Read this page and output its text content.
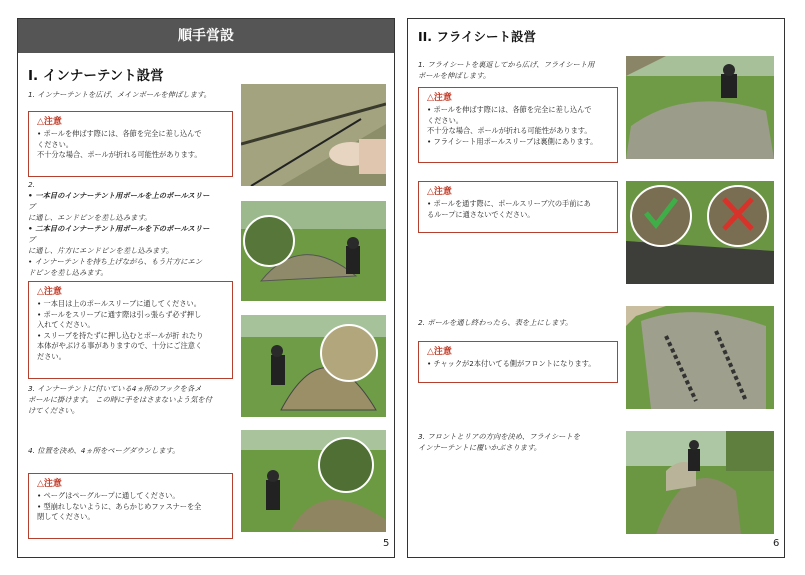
順手営設
I. インナーテント設営
1. インナーテントを広げ、メインポールを伸ばします。
△注意
• ポールを伸ばす際には、各節を完全に差し込んで
ください。
不十分な場合、ポールが折れる可能性があります。
2.
• 一本目のインナーテント用ポールを上のポールスリー
プ
に通し、エンドピンを差し込みます。
• 二本目のインナーテント用ポールを下のポールスリー
プ
に通し、片方にエンドピンを差し込みます。
• インナーテントを持ち上げながら、もう片方にエン
ドピンを差し込みます。
△注意
• 一本目は上のポールスリーブに通してください。
• ポールをスリーブに通す際は引っ張らず必ず押し
入れてください。
• スリーブを持たずに押し込むとポールが折 れたり
本体がやぶける事がありますので、十分にご注意く
ださい。
3. インナーテントに付いている4ヵ所のフックを各メ
ポールに掛けます。 この時に手をはさまないよう気を付
けてください。
4. 位置を決め、4ヵ所をペーグダウンします。
△注意
• ペーグはペーグループに通してください。
• 型崩れしないように、あらかじめファスナーを全
閉してください。
5
II. フライシート設営
1. フライシートを裏返してから広げ、フライシート用
ポールを伸ばします。
△注意
• ポールを伸ばす際には、各節を完全に差し込んで
ください。
不十分な場合、ポールが折れる可能性があります。
• フライシート用ポールスリーブは裏側にあります。
△注意
• ポールを通す際に、ポールスリーブ穴の手前にあ
るループに通さないでください。
2. ポールを通し終わったら、表を上にします。
△注意
• チャックが2本付いてる側がフロントになります。
3. フロントとリアの方向を決め、フライシートを
インナーテントに覆いかぶさります。
6
